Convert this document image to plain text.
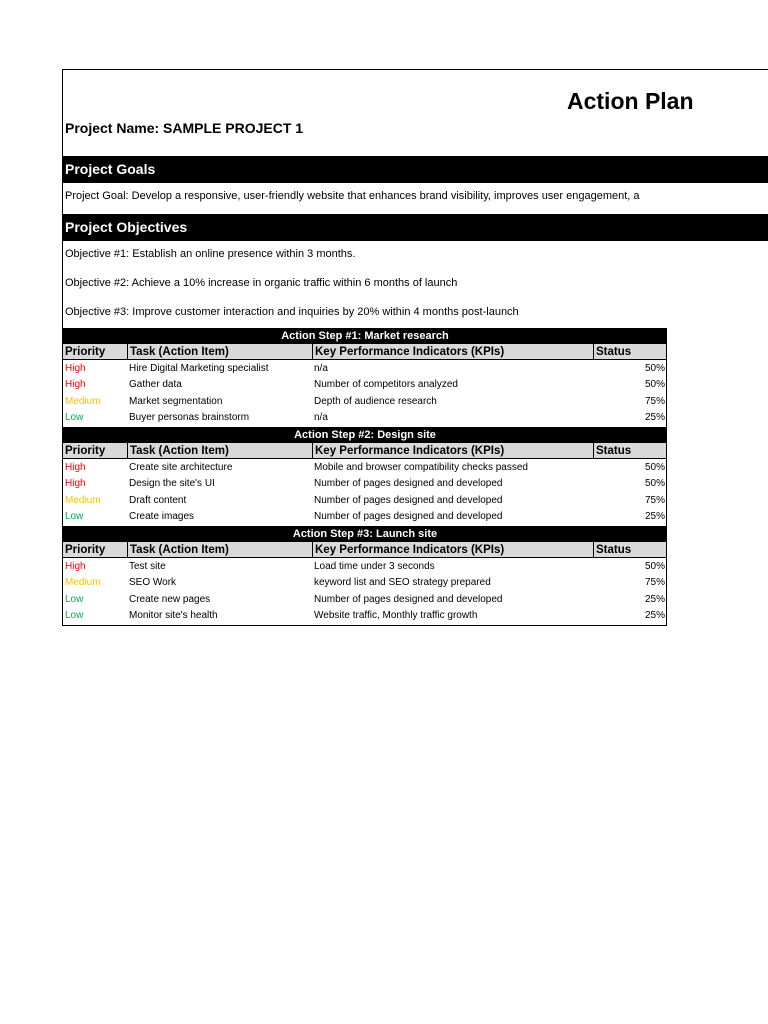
Action Plan
Project Name: SAMPLE PROJECT 1
Project Goals
Project Goal: Develop a responsive, user-friendly website that enhances brand visibility, improves user engagement, a
Project Objectives
Objective #1: Establish an online presence within 3 months.
Objective #2: Achieve a 10% increase in organic traffic within 6 months of launch
Objective #3: Improve customer interaction and inquiries by 20% within 4 months post-launch
Action Step #1: Market research
Priority	Task (Action Item)	Key Performance Indicators (KPIs)	Status
High	Hire Digital Marketing specialist	n/a	50%
High	Gather data	Number of competitors analyzed	50%
Medium	Market segmentation	Depth of audience research	75%
Low	Buyer personas brainstorm	n/a	25%
Action Step #2: Design site
Priority	Task (Action Item)	Key Performance Indicators (KPIs)	Status
High	Create site architecture	Mobile and browser compatibility checks passed	50%
High	Design the site's UI	Number of pages designed and developed	50%
Medium	Draft content	Number of pages designed and developed	75%
Low	Create images	Number of pages designed and developed	25%
Action Step #3: Launch site
Priority	Task (Action Item)	Key Performance Indicators (KPIs)	Status
High	Test site	Load time under 3 seconds	50%
Medium	SEO Work	keyword list and SEO strategy prepared	75%
Low	Create new pages	Number of pages designed and developed	25%
Low	Monitor site's health	Website traffic, Monthly traffic growth	25%
